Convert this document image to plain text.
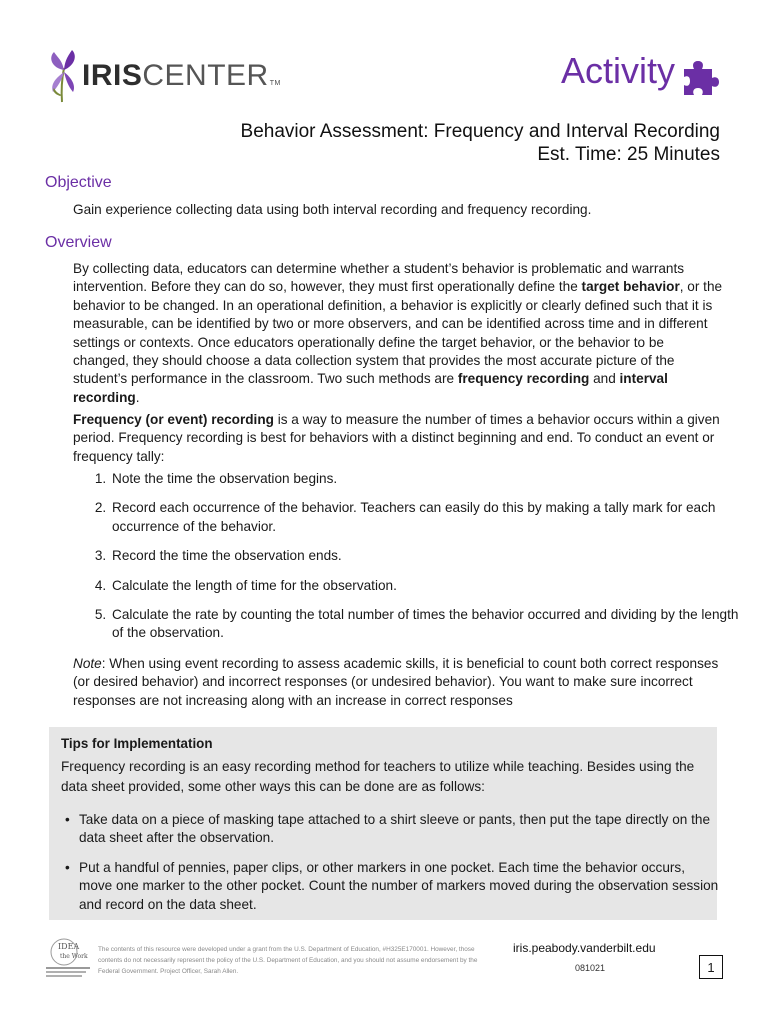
IRIS CENTER TM	Activity
Behavior Assessment: Frequency and Interval Recording
Est. Time: 25 Minutes
Objective
Gain experience collecting data using both interval recording and frequency recording.
Overview
By collecting data, educators can determine whether a student’s behavior is problematic and warrants intervention. Before they can do so, however, they must first operationally define the target behavior, or the behavior to be changed. In an operational definition, a behavior is explicitly or clearly defined such that it is measurable, can be identified by two or more observers, and can be identified across time and in different settings or contexts. Once educators operationally define the target behavior, or the behavior to be changed, they should choose a data collection system that provides the most accurate picture of the student’s performance in the classroom. Two such methods are frequency recording and interval recording.
Frequency (or event) recording is a way to measure the number of times a behavior occurs within a given period. Frequency recording is best for behaviors with a distinct beginning and end. To conduct an event or frequency tally:
1. Note the time the observation begins.
2. Record each occurrence of the behavior. Teachers can easily do this by making a tally mark for each occurrence of the behavior.
3. Record the time the observation ends.
4. Calculate the length of time for the observation.
5. Calculate the rate by counting the total number of times the behavior occurred and dividing by the length of the observation.
Note: When using event recording to assess academic skills, it is beneficial to count both correct responses (or desired behavior) and incorrect responses (or undesired behavior). You want to make sure incorrect responses are not increasing along with an increase in correct responses
Tips for Implementation
Frequency recording is an easy recording method for teachers to utilize while teaching. Besides using the data sheet provided, some other ways this can be done are as follows:
• Take data on a piece of masking tape attached to a shirt sleeve or pants, then put the tape directly on the data sheet after the observation.
• Put a handful of pennies, paper clips, or other markers in one pocket. Each time the behavior occurs, move one marker to the other pocket. Count the number of markers moved during the observation session and record on the data sheet.
IDEA
the Work
The contents of this resource were developed under a grant from the U.S. Department of Education, #H325E170001. However, those contents do not necessarily represent the policy of the U.S. Department of Education, and you should not assume endorsement by the Federal Government. Project Officer, Sarah Allen.
iris.peabody.vanderbilt.edu
081021	1
